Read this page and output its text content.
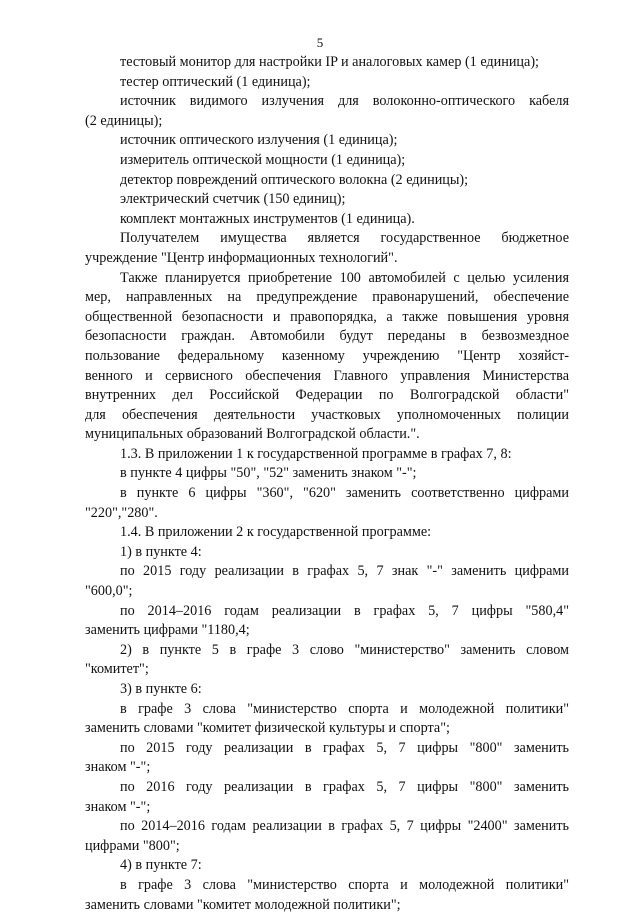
5
тестовый монитор для настройки IP и аналоговых камер (1 единица);
тестер оптический (1 единица);
источник видимого излучения для волоконно-оптического кабеля
(2 единицы);
источник оптического излучения (1 единица);
измеритель оптической мощности (1 единица);
детектор повреждений оптического волокна (2 единицы);
электрический счетчик (150 единиц);
комплект монтажных инструментов (1 единица).
Получателем имущества является государственное бюджетное
учреждение "Центр информационных технологий".
Также планируется приобретение 100 автомобилей с целью усиления
мер, направленных на предупреждение правонарушений, обеспечение
общественной безопасности и правопорядка, а также повышения уровня
безопасности граждан. Автомобили будут переданы в безвозмездное
пользование федеральному казенному учреждению "Центр хозяйст-
венного и сервисного обеспечения Главного управления Министерства
внутренних дел Российской Федерации по Волгоградской области"
для обеспечения деятельности участковых уполномоченных полиции
муниципальных образований Волгоградской области.".
1.3. В приложении 1 к государственной программе в графах 7, 8:
в пункте 4 цифры "50", "52" заменить знаком "-";
в пункте 6 цифры "360", "620" заменить соответственно цифрами
"220","280".
1.4. В приложении 2 к государственной программе:
1) в пункте 4:
по 2015 году реализации в графах 5, 7 знак "-" заменить цифрами
"600,0";
по 2014–2016 годам реализации в графах 5, 7 цифры "580,4"
заменить цифрами "1180,4;
2) в пункте 5 в графе 3 слово "министерство" заменить словом
"комитет";
3) в пункте 6:
в графе 3 слова "министерство спорта и молодежной политики"
заменить словами "комитет физической культуры и спорта";
по 2015 году реализации в графах 5, 7 цифры "800" заменить
знаком "-";
по 2016 году реализации в графах 5, 7 цифры "800" заменить
знаком "-";
по 2014–2016 годам реализации в графах 5, 7 цифры "2400" заменить
цифрами "800";
4) в пункте 7:
в графе 3 слова "министерство спорта и молодежной политики"
заменить словами "комитет молодежной политики";
